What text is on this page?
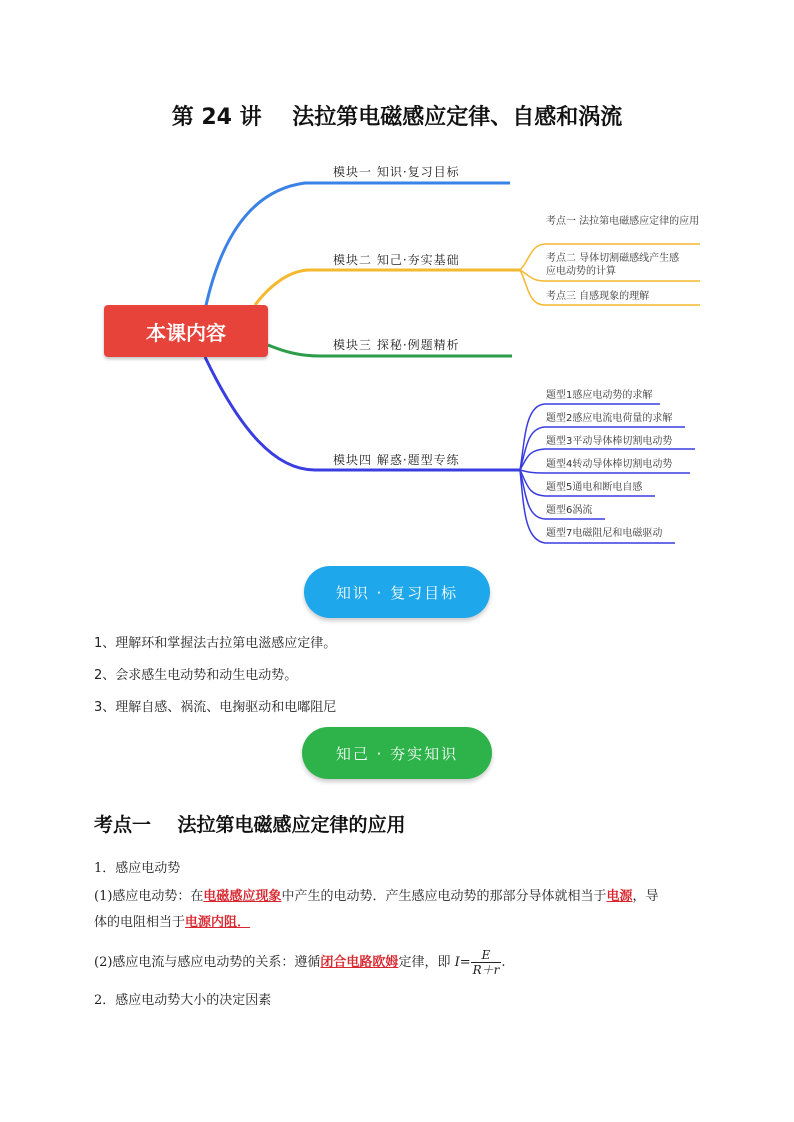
第 24 讲    法拉第电磁感应定律、自感和涡流
本课内容
模块一 知识·复习目标
模块二 知己·夯实基础
模块三 探秘·例题精析
模块四 解惑·题型专练
考点一 法拉第电磁感应定律的应用
考点二 导体切割磁感线产生感应电动势的计算
考点三 自感现象的理解
题型1感应电动势的求解
题型2感应电流电荷量的求解
题型3平动导体棒切割电动势
题型4转动导体棒切割电动势
题型5通电和断电自感
题型6涡流
题型7电磁阻尼和电磁驱动
知识 · 复习目标
1、理解环和掌握法古拉第电滋感应定律。
2、会求感生电动势和动生电动势。
3、理解自感、祸流、电掬驱动和电嘟阻尼
知己 · 夯实知识
考点一    法拉第电磁感应定律的应用
1．感应电动势
(1)感应电动势：在电磁感应现象中产生的电动势．产生感应电动势的那部分导体就相当于电源，导
体的电阻相当于电源内阻．
(2)感应电流与感应电动势的关系：遵循闭合电路欧姆定律，即 $I= \frac{E}{R+r}$ .
2．感应电动势大小的决定因素
